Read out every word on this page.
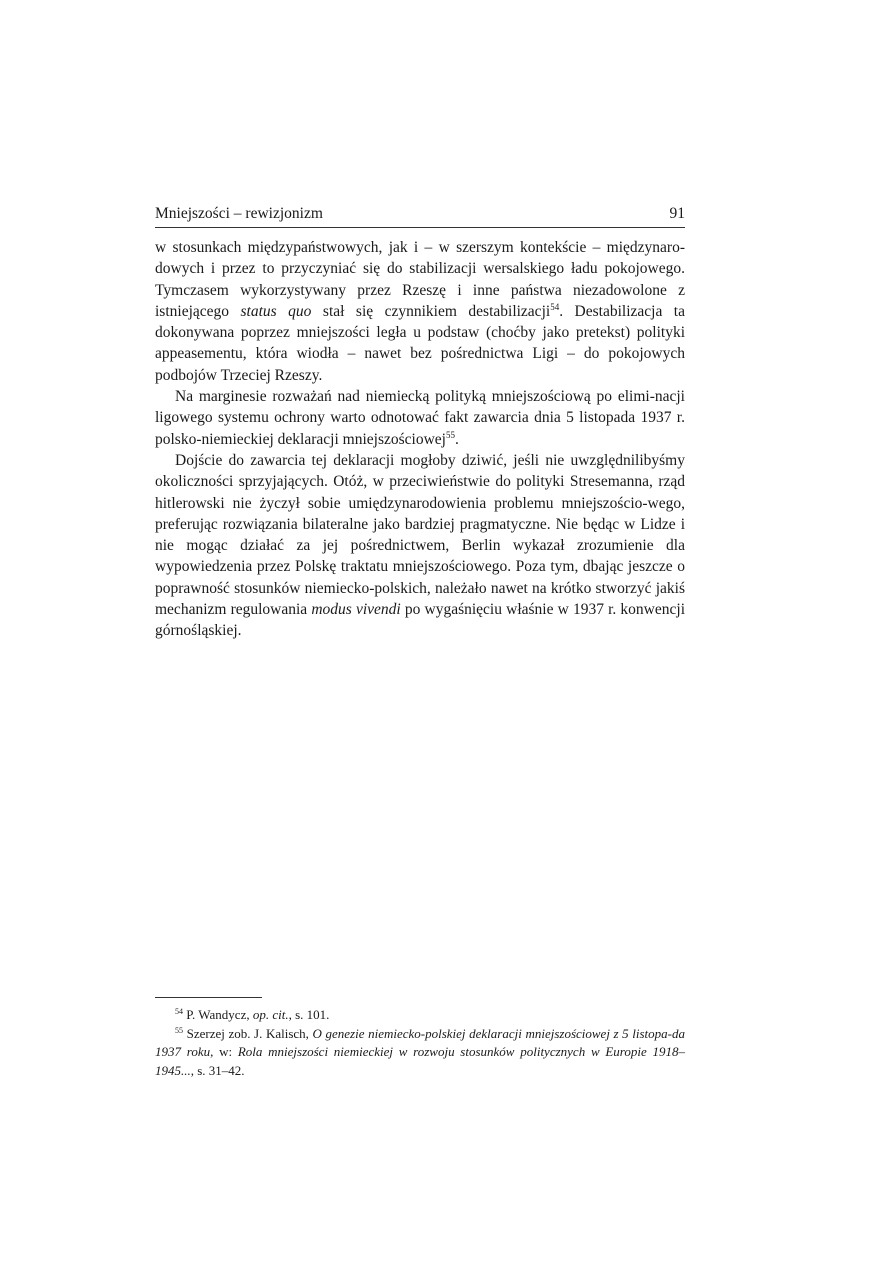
Mniejszości – rewizjonizm	91

w stosunkach międzypaństwowych, jak i – w szerszym kontekście – międzynaro-dowych i przez to przyczyniać się do stabilizacji wersalskiego ładu pokojowego. Tymczasem wykorzystywany przez Rzeszę i inne państwa niezadowolone z istniejącego status quo stał się czynnikiem destabilizacji$^{54}$. Destabilizacja ta dokonywana poprzez mniejszości legła u podstaw (choćby jako pretekst) polityki appeasementu, która wiodła – nawet bez pośrednictwa Ligi – do pokojowych podbojów Trzeciej Rzeszy.

Na marginesie rozważań nad niemiecką polityką mniejszościową po elimi-nacji ligowego systemu ochrony warto odnotować fakt zawarcia dnia 5 listopada 1937 r. polsko-niemieckiej deklaracji mniejszościowej$^{55}$.

Dojście do zawarcia tej deklaracji mogłoby dziwić, jeśli nie uwzględnilibyśmy okoliczności sprzyjających. Otóż, w przeciwieństwie do polityki Stresemanna, rząd hitlerowski nie życzył sobie umiędzynarodowienia problemu mniejszościo-wego, preferując rozwiązania bilateralne jako bardziej pragmatyczne. Nie będąc w Lidze i nie mogąc działać za jej pośrednictwem, Berlin wykazał zrozumienie dla wypowiedzenia przez Polskę traktatu mniejszościowego. Poza tym, dbając jeszcze o poprawność stosunków niemiecko-polskich, należało nawet na krótko stworzyć jakiś mechanizm regulowania modus vivendi po wygaśnięciu właśnie w 1937 r. konwencji górnośląskiej.

$^{54}$ P. Wandycz, op. cit., s. 101.

$^{55}$ Szerzej zob. J. Kalisch, O genezie niemiecko-polskiej deklaracji mniejszościowej z 5 listopa-da 1937 roku, w: Rola mniejszości niemieckiej w rozwoju stosunków politycznych w Europie 1918–1945..., s. 31–42.
